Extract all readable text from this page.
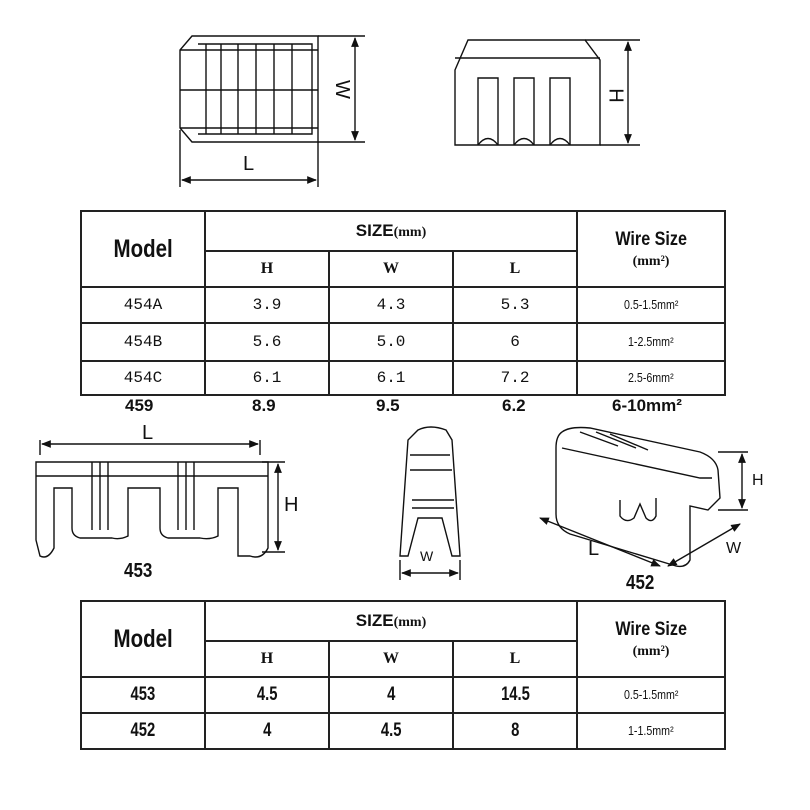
W
L
H
L
H
453
W
H
L	W
452
Model	SIZE(mm)			Wire Size
(mm²)
	H	W	L	
454A	3.9	4.3	5.3	0.5-1.5mm²
454B	5.6	5.0	6	1-2.5mm²
454C	6.1	6.1	7.2	2.5-6mm²
459	8.9	9.5	6.2	6-10mm²
Model	SIZE(mm)			Wire Size
(mm²)
	H	W	L	
453	4.5	4	14.5	0.5-1.5mm²
452	4	4.5	8	1-1.5mm²
